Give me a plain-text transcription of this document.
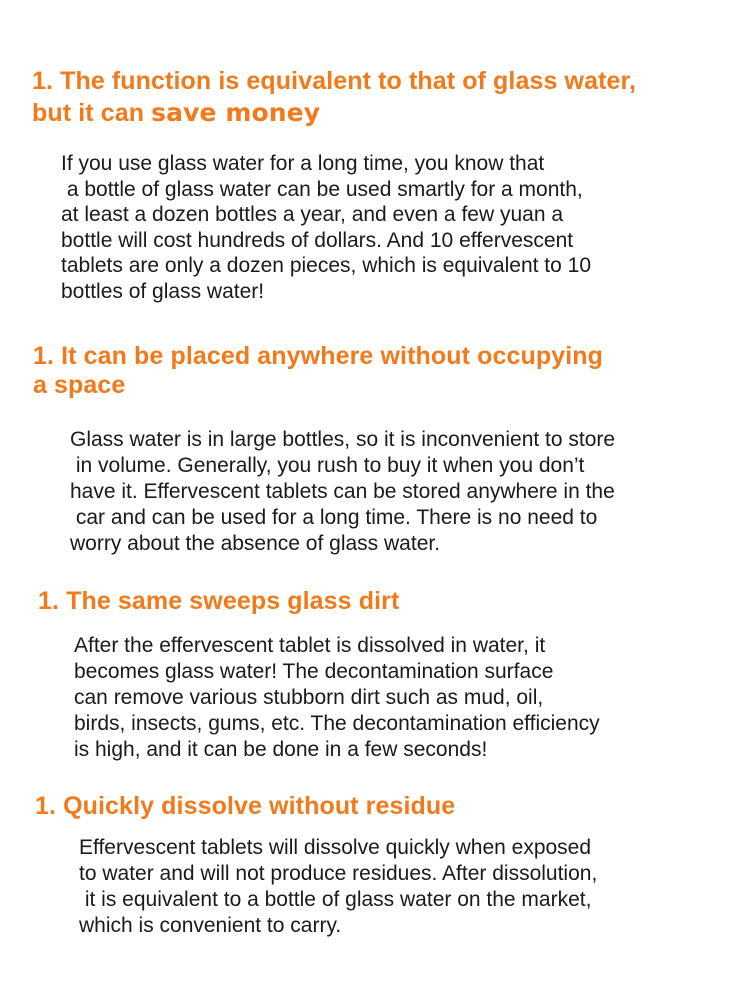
1. The function is equivalent to that of glass water,
but it can save money

If you use glass water for a long time, you know that
a bottle of glass water can be used smartly for a month,
at least a dozen bottles a year, and even a few yuan a
bottle will cost hundreds of dollars. And 10 effervescent
tablets are only a dozen pieces, which is equivalent to 10
bottles of glass water!

1. It can be placed anywhere without occupying
a space

Glass water is in large bottles, so it is inconvenient to store
in volume. Generally, you rush to buy it when you don’t
have it. Effervescent tablets can be stored anywhere in the
car and can be used for a long time. There is no need to
worry about the absence of glass water.

1. The same sweeps glass dirt

After the effervescent tablet is dissolved in water, it
becomes glass water! The decontamination surface
can remove various stubborn dirt such as mud, oil,
birds, insects, gums, etc. The decontamination efficiency
is high, and it can be done in a few seconds!

1. Quickly dissolve without residue

Effervescent tablets will dissolve quickly when exposed
to water and will not produce residues. After dissolution,
it is equivalent to a bottle of glass water on the market,
which is convenient to carry.
